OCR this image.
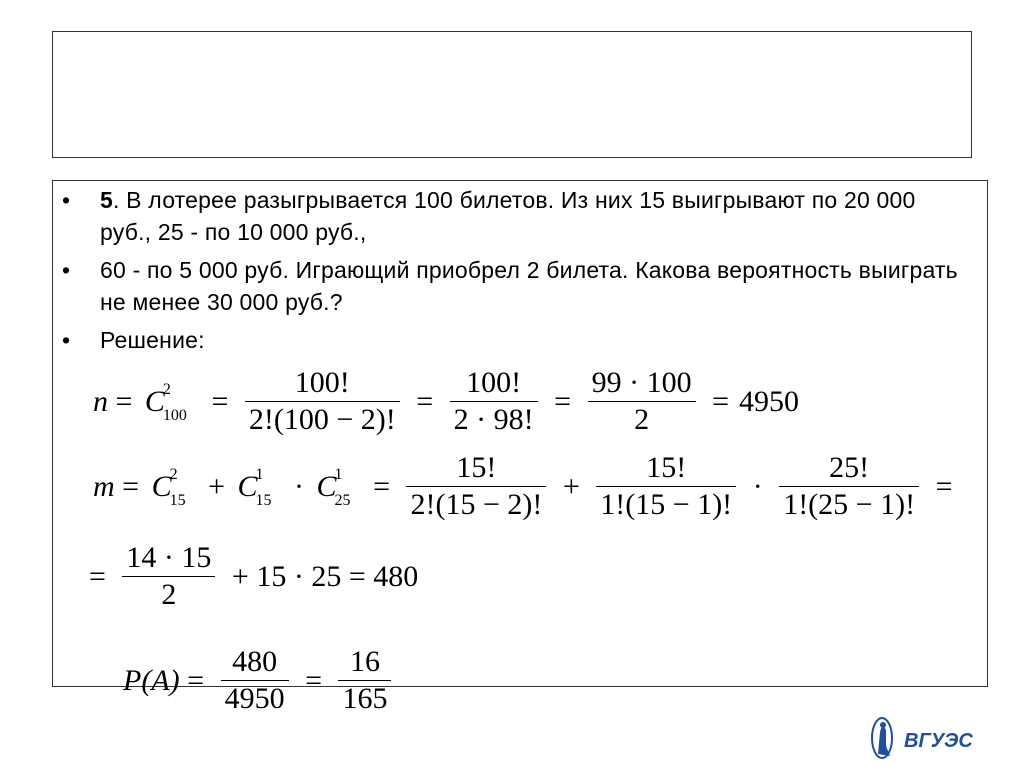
• 5. В лотерее разыгрывается 100 билетов. Из них 15 выигрывают по 20 000 руб., 25 - по 10 000 руб.,
• 60 - по 5 000 руб. Играющий приобрел 2 билета. Какова вероятность выиграть не менее 30 000 руб.?
• Решение:
n = C
2
$100 = \frac{100!}{2!(100 - 2)!} = \frac{100!}{2 \cdot 98!} = \frac{99 \cdot 100}{2} = 4950$
m = C
2
15 + C
1
15 · C
1
$25 = \frac{15!}{2!(15 - 2)!} + \frac{15!}{1!(15 - 1)!} \cdot \frac{25!}{1!(25 - 1)!}$ =
= $\frac{14 \cdot 15}{2} + 15 \cdot 25 = 480$
$P(A) = \frac{480}{4950} = \frac{16}{165}$
ВГУЭС
